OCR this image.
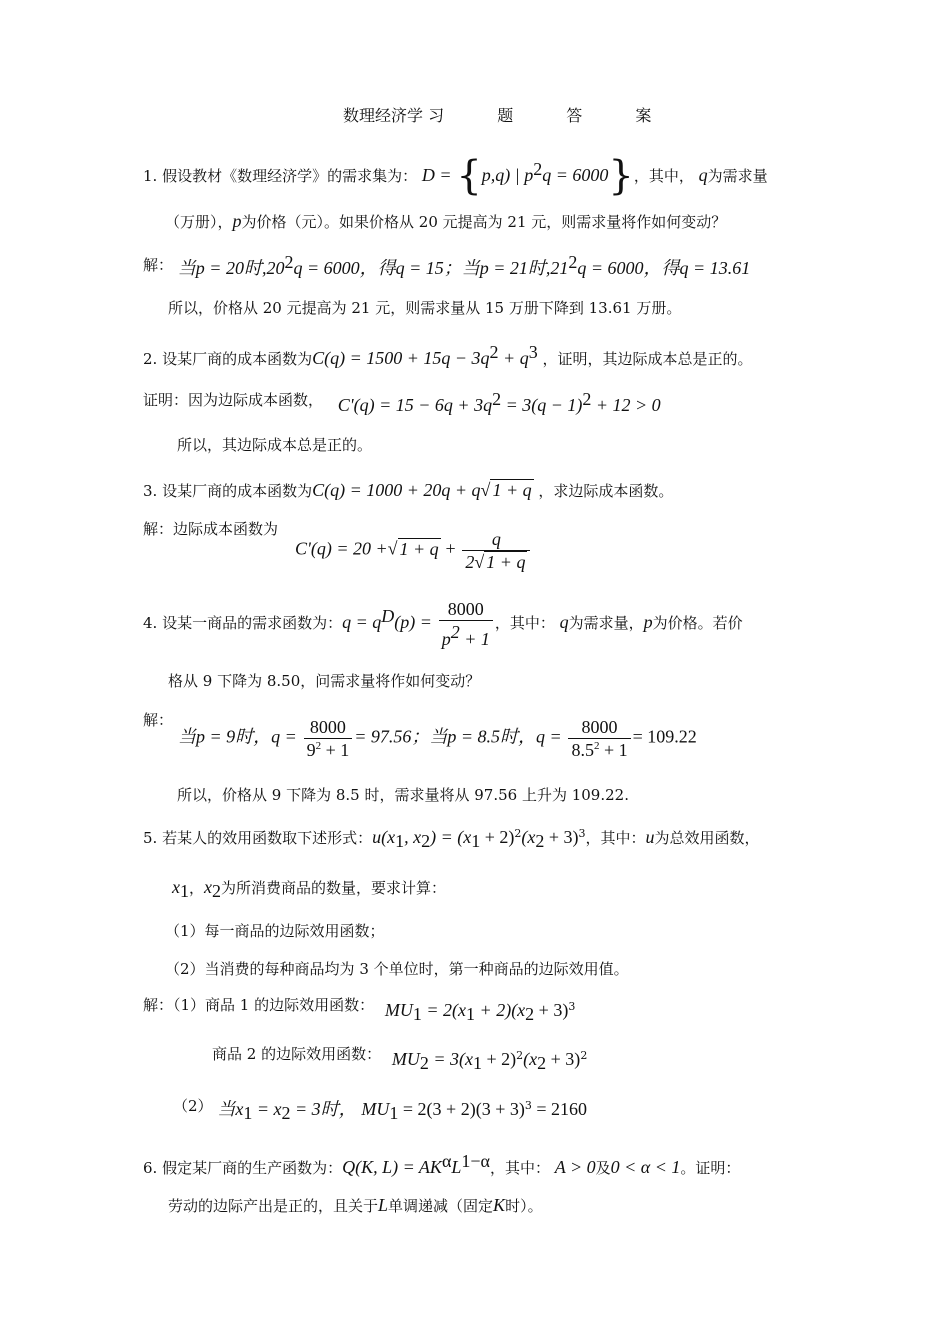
数理经济学 习	题	答	案
1. 假设教材《数理经济学》的需求集为： D = {p,q) | $p^2q = 6000$}，其中， q为需求量
（万册），p为价格（元）。如果价格从 20 元提高为 21 元，则需求量将作如何变动？
解： 当p = 20时$,20^2q = 6000$，得q = 15；当p = 21时$,21^2q = 6000$，得q = 13.61
所以，价格从 20 元提高为 21 元，则需求量从 15 万册下降到 13.61 万册。
2. 设某厂商的成本函数为$C(q) = 1500 + 15q - 3q^2 + q^3$ ，证明，其边际成本总是正的。
证明：因为边际成本函数， $C'(q) = 15 - 6q + 3q^2 = 3(q - 1)^2 + 12 > 0$
所以，其边际成本总是正的。
3. 设某厂商的成本函数为C(q) = 1000 + 20q + q√ 1 + q ，求边际成本函数。
解：边际成本函数为
C'(q) = 20 +√ $1 + q + \frac{q}{2√ 1 + q}$
4. 设某一商品的需求函数为：$q = q^D(p) = \frac{8000}{p^2 + 1}$ ，其中： q为需求量，p为价格。若价
格从 9 下降为 8.50，问需求量将作如何变动？
解：
当p = 9时，$q = \frac{8000}{9^2 + 1} = 97.56$；当p = 8.5时，$q = \frac{8000}{8.5^2 + 1} = 109.22$
所以，价格从 9 下降为 8.5 时，需求量将从 97.56 上升为 109.22.
5. 若某人的效用函数取下述形式：$u(x_1$, $x_2) = (x_1 + 2)^2(x_2 + 3)^3$，其中：u为总效用函数，
$x_1$，$x_2$为所消费商品的数量，要求计算：
（1）每一商品的边际效用函数；
（2）当消费的每种商品均为 3 个单位时，第一种商品的边际效用值。
解：（1）商品 1 的边际效用函数： $MU_1 = 2(x_1 + 2)(x_2 + 3)^3$
商品 2 的边际效用函数： $MU_2 = 3(x_1 + 2)^2(x_2 + 3)^2$
（2） 当$x_1 = x_2 = 3$时， $MU_1 = 2(3 + 2)(3 + 3)^3 = 2160$
6. 假定某厂商的生产函数为：Q(K, $L) = AK^\alpha L^{1-\alpha}$，其中： A > 0及0 < α < 1。证明：
劳动的边际产出是正的，且关于L单调递减（固定K时）。
